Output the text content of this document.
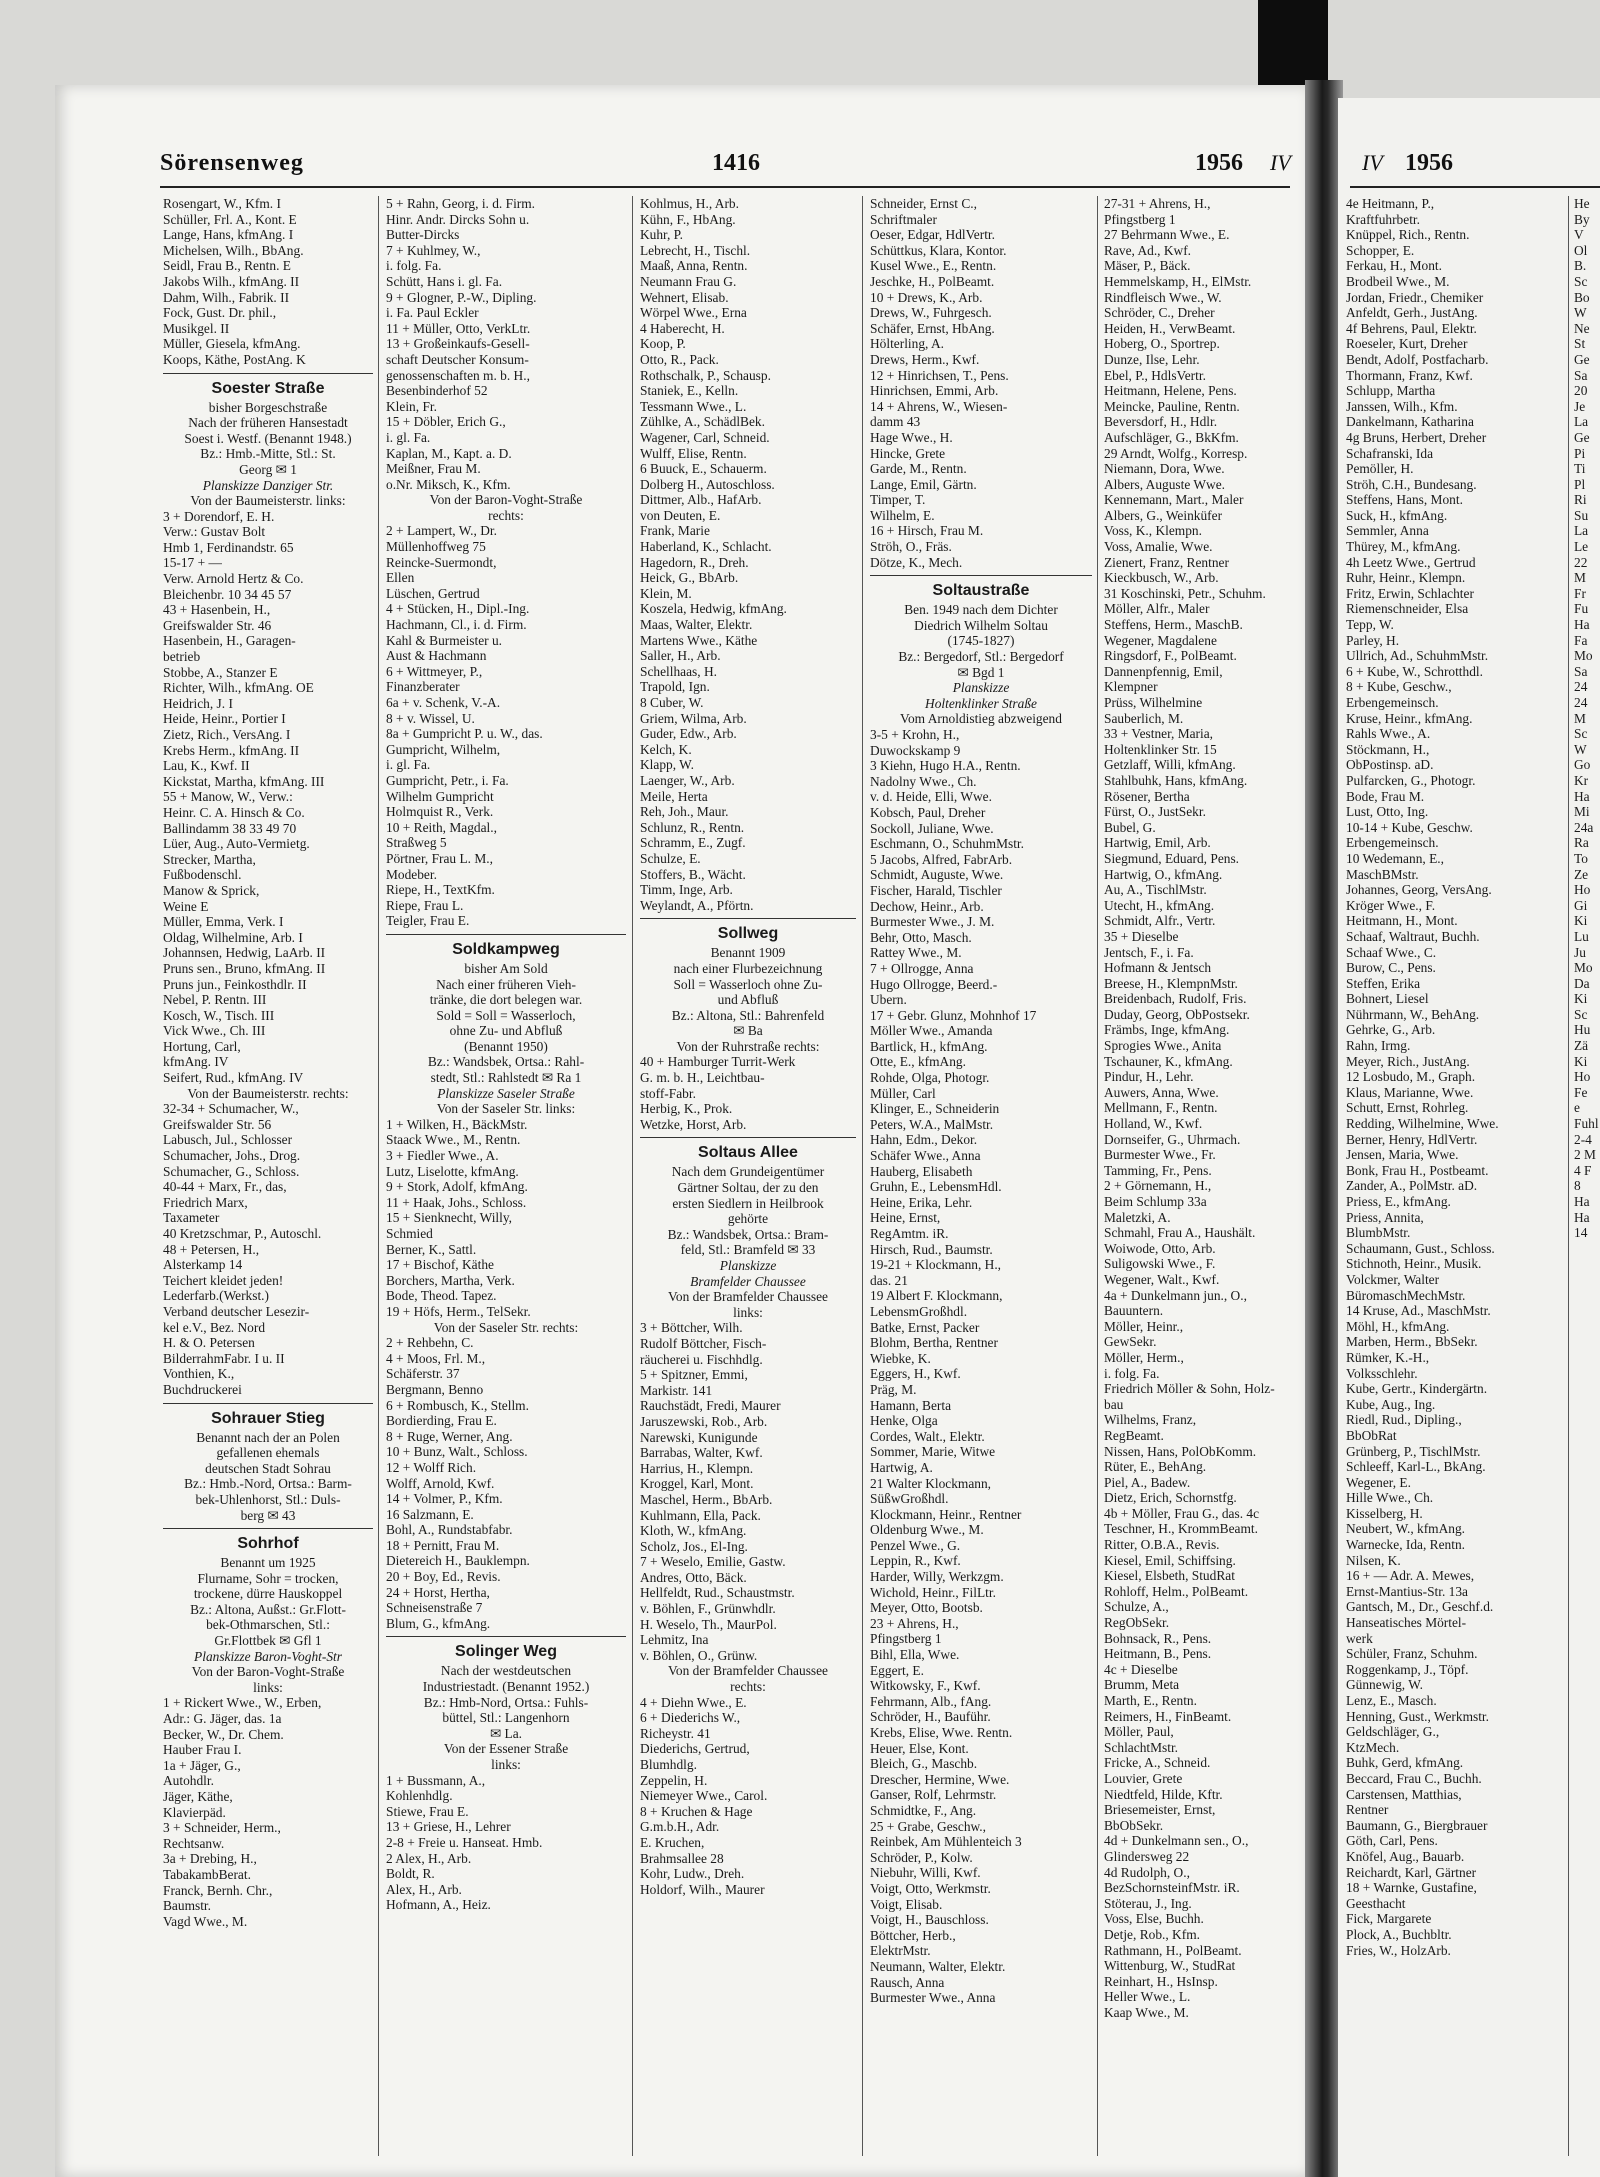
Sörensenweg	1416	1956 IV	IV 1956
Rosengart, W., Kfm. I
Schüller, Frl. A., Kont. E
Lange, Hans, kfmAng. I
Michelsen, Wilh., BbAng.
Seidl, Frau B., Rentn. E
Jakobs Wilh., kfmAng. II
Dahm, Wilh., Fabrik. II
Fock, Gust. Dr. phil.,
Musikgel. II
Müller, Giesela, kfmAng.
Koops, Käthe, PostAng. K
Soester Straße
bisher Borgeschstraße
Nach der früheren Hansestadt
Soest i. Westf. (Benannt 1948.)
Bz.: Hmb.-Mitte, Stl.: St.
Georg ✉ 1
Planskizze Danziger Str.
Von der Baumeisterstr. links:
3 + Dorendorf, E. H.
Verw.: Gustav Bolt
Hmb 1, Ferdinandstr. 65
15-17 + —
Verw. Arnold Hertz & Co.
Bleichenbr. 10 34 45 57
43 + Hasenbein, H.,
Greifswalder Str. 46
Hasenbein, H., Garagen-
betrieb
Stobbe, A., Stanzer E
Richter, Wilh., kfmAng. OE
Heidrich, J. I
Heide, Heinr., Portier I
Zietz, Rich., VersAng. I
Krebs Herm., kfmAng. II
Lau, K., Kwf. II
Kickstat, Martha, kfmAng. III
55 + Manow, W., Verw.:
Heinr. C. A. Hinsch & Co.
Ballindamm 38 33 49 70
Lüer, Aug., Auto-Vermietg.
Strecker, Martha,
Fußbodenschl.
Manow & Sprick,
Weine E
Müller, Emma, Verk. I
Oldag, Wilhelmine, Arb. I
Johannsen, Hedwig, LaArb. II
Pruns sen., Bruno, kfmAng. II
Pruns jun., Feinkosthdlr. II
Nebel, P. Rentn. III
Kosch, W., Tisch. III
Vick Wwe., Ch. III
Hortung, Carl,
kfmAng. IV
Seifert, Rud., kfmAng. IV
Von der Baumeisterstr. rechts:
32-34 + Schumacher, W.,
Greifswalder Str. 56
Labusch, Jul., Schlosser
Schumacher, Johs., Drog.
Schumacher, G., Schloss.
40-44 + Marx, Fr., das,
Friedrich Marx,
Taxameter
40 Kretzschmar, P., Autoschl.
48 + Petersen, H.,
Alsterkamp 14
Teichert kleidet jeden!
Lederfarb.(Werkst.)
Verband deutscher Lesezir-
kel e.V., Bez. Nord
H. & O. Petersen
BilderrahmFabr. I u. II
Vonthien, K.,
Buchdruckerei
Sohrauer Stieg
Benannt nach der an Polen
gefallenen ehemals
deutschen Stadt Sohrau
Bz.: Hmb.-Nord, Ortsa.: Barm-
bek-Uhlenhorst, Stl.: Duls-
berg ✉ 43
Sohrhof
Benannt um 1925
Flurname, Sohr = trocken,
trockene, dürre Hauskoppel
Bz.: Altona, Außst.: Gr.Flott-
bek-Othmarschen, Stl.:
Gr.Flottbek ✉ Gfl 1
Planskizze Baron-Voght-Str
Von der Baron-Voght-Straße
links:
1 + Rickert Wwe., W., Erben,
Adr.: G. Jäger, das. 1a
Becker, W., Dr. Chem.
Hauber Frau I.
1a + Jäger, G.,
Autohdlr.
Jäger, Käthe,
Klavierpäd.
3 + Schneider, Herm.,
Rechtsanw.
3a + Drebing, H.,
TabakambBerat.
Franck, Bernh. Chr.,
Baumstr.
Vagd Wwe., M.
5 + Rahn, Georg, i. d. Firm.
Hinr. Andr. Dircks Sohn u.
Butter-Dircks
7 + Kuhlmey, W.,
i. folg. Fa.
Schütt, Hans i. gl. Fa.
9 + Glogner, P.-W., Dipling.
i. Fa. Paul Eckler
11 + Müller, Otto, VerkLtr.
13 + Großeinkaufs-Gesell-
schaft Deutscher Konsum-
genossenschaften m. b. H.,
Besenbinderhof 52
Klein, Fr.
15 + Döbler, Erich G.,
i. gl. Fa.
Kaplan, M., Kapt. a. D.
Meißner, Frau M.
o.Nr. Miksch, K., Kfm.
Von der Baron-Voght-Straße
rechts:
2 + Lampert, W., Dr.
Müllenhoffweg 75
Reincke-Suermondt,
Ellen
Lüschen, Gertrud
4 + Stücken, H., Dipl.-Ing.
Hachmann, Cl., i. d. Firm.
Kahl & Burmeister u.
Aust & Hachmann
6 + Wittmeyer, P.,
Finanzberater
6a + v. Schenk, V.-A.
8 + v. Wissel, U.
8a + Gumpricht P. u. W., das.
Gumpricht, Wilhelm,
i. gl. Fa.
Gumpricht, Petr., i. Fa.
Wilhelm Gumpricht
Holmquist R., Verk.
10 + Reith, Magdal.,
Straßweg 5
Pörtner, Frau L. M.,
Modeber.
Riepe, H., TextKfm.
Riepe, Frau L.
Teigler, Frau E.
Soldkampweg
bisher Am Sold
Nach einer früheren Vieh-
tränke, die dort belegen war.
Sold = Soll = Wasserloch,
ohne Zu- und Abfluß
(Benannt 1950)
Bz.: Wandsbek, Ortsa.: Rahl-
stedt, Stl.: Rahlstedt ✉ Ra 1
Planskizze Saseler Straße
Von der Saseler Str. links:
1 + Wilken, H., BäckMstr.
Staack Wwe., M., Rentn.
3 + Fiedler Wwe., A.
Lutz, Liselotte, kfmAng.
9 + Stork, Adolf, kfmAng.
11 + Haak, Johs., Schloss.
15 + Sienknecht, Willy,
Schmied
Berner, K., Sattl.
17 + Bischof, Käthe
Borchers, Martha, Verk.
Bode, Theod. Tapez.
19 + Höfs, Herm., TelSekr.
Von der Saseler Str. rechts:
2 + Rehbehn, C.
4 + Moos, Frl. M.,
Schäferstr. 37
Bergmann, Benno
6 + Rombusch, K., Stellm.
Bordierding, Frau E.
8 + Ruge, Werner, Ang.
10 + Bunz, Walt., Schloss.
12 + Wolff Rich.
Wolff, Arnold, Kwf.
14 + Volmer, P., Kfm.
16 Salzmann, E.
Bohl, A., Rundstabfabr.
18 + Pernitt, Frau M.
Dietereich H., Bauklempn.
20 + Boy, Ed., Revis.
24 + Horst, Hertha,
Schneisenstraße 7
Blum, G., kfmAng.
Solinger Weg
Nach der westdeutschen
Industriestadt. (Benannt 1952.)
Bz.: Hmb-Nord, Ortsa.: Fuhls-
büttel, Stl.: Langenhorn
✉ La.
Von der Essener Straße
links:
1 + Bussmann, A.,
Kohlenhdlg.
Stiewe, Frau E.
13 + Griese, H., Lehrer
2-8 + Freie u. Hanseat. Hmb.
2 Alex, H., Arb.
Boldt, R.
Alex, H., Arb.
Hofmann, A., Heiz.
Kohlmus, H., Arb.
Kühn, F., HbAng.
Kuhr, P.
Lebrecht, H., Tischl.
Maaß, Anna, Rentn.
Neumann Frau G.
Wehnert, Elisab.
Wörpel Wwe., Erna
4 Haberecht, H.
Koop, P.
Otto, R., Pack.
Rothschalk, P., Schausp.
Staniek, E., Kelln.
Tessmann Wwe., L.
Zühlke, A., SchädlBek.
Wagener, Carl, Schneid.
Wulff, Elise, Rentn.
6 Buuck, E., Schauerm.
Dolberg H., Autoschloss.
Dittmer, Alb., HafArb.
von Deuten, E.
Frank, Marie
Haberland, K., Schlacht.
Hagedorn, R., Dreh.
Heick, G., BbArb.
Klein, M.
Koszela, Hedwig, kfmAng.
Maas, Walter, Elektr.
Martens Wwe., Käthe
Saller, H., Arb.
Schellhaas, H.
Trapold, Ign.
8 Cuber, W.
Griem, Wilma, Arb.
Guder, Edw., Arb.
Kelch, K.
Klapp, W.
Laenger, W., Arb.
Meile, Herta
Reh, Joh., Maur.
Schlunz, R., Rentn.
Schramm, E., Zugf.
Schulze, E.
Stoffers, B., Wächt.
Timm, Inge, Arb.
Weylandt, A., Pförtn.
Sollweg
Benannt 1909
nach einer Flurbezeichnung
Soll = Wasserloch ohne Zu-
und Abfluß
Bz.: Altona, Stl.: Bahrenfeld
✉ Ba
Von der Ruhrstraße rechts:
40 + Hamburger Turrit-Werk
G. m. b. H., Leichtbau-
stoff-Fabr.
Herbig, K., Prok.
Wetzke, Horst, Arb.
Soltaus Allee
Nach dem Grundeigentümer
Gärtner Soltau, der zu den
ersten Siedlern in Heilbrook
gehörte
Bz.: Wandsbek, Ortsa.: Bram-
feld, Stl.: Bramfeld ✉ 33
Planskizze
Bramfelder Chaussee
Von der Bramfelder Chaussee
links:
3 + Böttcher, Wilh.
Rudolf Böttcher, Fisch-
räucherei u. Fischhdlg.
5 + Spitzner, Emmi,
Markistr. 141
Rauchstädt, Fredi, Maurer
Jaruszewski, Rob., Arb.
Narewski, Kunigunde
Barrabas, Walter, Kwf.
Harrius, H., Klempn.
Kroggel, Karl, Mont.
Maschel, Herm., BbArb.
Kuhlmann, Ella, Pack.
Kloth, W., kfmAng.
Scholz, Jos., El-Ing.
7 + Weselo, Emilie, Gastw.
Andres, Otto, Bäck.
Hellfeldt, Rud., Schaustmstr.
v. Böhlen, F., Grünwhdlr.
H. Weselo, Th., MaurPol.
Lehmitz, Ina
v. Böhlen, O., Grünw.
Von der Bramfelder Chaussee
rechts:
4 + Diehn Wwe., E.
6 + Diederichs W.,
Richeystr. 41
Diederichs, Gertrud,
Blumhdlg.
Zeppelin, H.
Niemeyer Wwe., Carol.
8 + Kruchen & Hage
G.m.b.H., Adr.
E. Kruchen,
Brahmsallee 28
Kohr, Ludw., Dreh.
Holdorf, Wilh., Maurer
Schneider, Ernst C.,
Schriftmaler
Oeser, Edgar, HdlVertr.
Schüttkus, Klara, Kontor.
Kusel Wwe., E., Rentn.
Jeschke, H., PolBeamt.
10 + Drews, K., Arb.
Drews, W., Fuhrgesch.
Schäfer, Ernst, HbAng.
Hölterling, A.
Drews, Herm., Kwf.
12 + Hinrichsen, T., Pens.
Hinrichsen, Emmi, Arb.
14 + Ahrens, W., Wiesen-
damm 43
Hage Wwe., H.
Hincke, Grete
Garde, M., Rentn.
Lange, Emil, Gärtn.
Timper, T.
Wilhelm, E.
16 + Hirsch, Frau M.
Ströh, O., Fräs.
Dötze, K., Mech.
Soltaustraße
Ben. 1949 nach dem Dichter
Diedrich Wilhelm Soltau
(1745-1827)
Bz.: Bergedorf, Stl.: Bergedorf
✉ Bgd 1
Planskizze
Holtenklinker Straße
Vom Arnoldistieg abzweigend
3-5 + Krohn, H.,
Duwockskamp 9
3 Kiehn, Hugo H.A., Rentn.
Nadolny Wwe., Ch.
v. d. Heide, Elli, Wwe.
Kobsch, Paul, Dreher
Sockoll, Juliane, Wwe.
Eschmann, O., SchuhmMstr.
5 Jacobs, Alfred, FabrArb.
Schmidt, Auguste, Wwe.
Fischer, Harald, Tischler
Dechow, Heinr., Arb.
Burmester Wwe., J. M.
Behr, Otto, Masch.
Rattey Wwe., M.
7 + Ollrogge, Anna
Hugo Ollrogge, Beerd.-
Ubern.
17 + Gebr. Glunz, Mohnhof 17
Möller Wwe., Amanda
Bartlick, H., kfmAng.
Otte, E., kfmAng.
Rohde, Olga, Photogr.
Müller, Carl
Klinger, E., Schneiderin
Peters, W.A., MalMstr.
Hahn, Edm., Dekor.
Schäfer Wwe., Anna
Hauberg, Elisabeth
Gruhn, E., LebensmHdl.
Heine, Erika, Lehr.
Heine, Ernst,
RegAmtm. iR.
Hirsch, Rud., Baumstr.
19-21 + Klockmann, H.,
das. 21
19 Albert F. Klockmann,
LebensmGroßhdl.
Batke, Ernst, Packer
Blohm, Bertha, Rentner
Wiebke, K.
Eggers, H., Kwf.
Präg, M.
Hamann, Berta
Henke, Olga
Cordes, Walt., Elektr.
Sommer, Marie, Witwe
Hartwig, A.
21 Walter Klockmann,
SüßwGroßhdl.
Klockmann, Heinr., Rentner
Oldenburg Wwe., M.
Penzel Wwe., G.
Leppin, R., Kwf.
Harder, Willy, Werkzgm.
Wichold, Heinr., FilLtr.
Meyer, Otto, Bootsb.
23 + Ahrens, H.,
Pfingstberg 1
Bihl, Ella, Wwe.
Eggert, E.
Witkowsky, F., Kwf.
Fehrmann, Alb., fAng.
Schröder, H., Bauführ.
Krebs, Elise, Wwe. Rentn.
Heuer, Else, Kont.
Bleich, G., Maschb.
Drescher, Hermine, Wwe.
Ganser, Rolf, Lehrmstr.
Schmidtke, F., Ang.
25 + Grabe, Geschw.,
Reinbek, Am Mühlenteich 3
Schröder, P., Kolw.
Niebuhr, Willi, Kwf.
Voigt, Otto, Werkmstr.
Voigt, Elisab.
Voigt, H., Bauschloss.
Böttcher, Herb.,
ElektrMstr.
Neumann, Walter, Elektr.
Rausch, Anna
Burmester Wwe., Anna
27-31 + Ahrens, H.,
Pfingstberg 1
27 Behrmann Wwe., E.
Rave, Ad., Kwf.
Mäser, P., Bäck.
Hemmelskamp, H., ElMstr.
Rindfleisch Wwe., W.
Schröder, C., Dreher
Heiden, H., VerwBeamt.
Hoberg, O., Sportrep.
Dunze, Ilse, Lehr.
Ebel, P., HdlsVertr.
Heitmann, Helene, Pens.
Meincke, Pauline, Rentn.
Beversdorf, H., Hdlr.
Aufschläger, G., BkKfm.
29 Arndt, Wolfg., Korresp.
Niemann, Dora, Wwe.
Albers, Auguste Wwe.
Kennemann, Mart., Maler
Albers, G., Weinküfer
Voss, K., Klempn.
Voss, Amalie, Wwe.
Zienert, Franz, Rentner
Kieckbusch, W., Arb.
31 Koschinski, Petr., Schuhm.
Möller, Alfr., Maler
Steffens, Herm., MaschB.
Wegener, Magdalene
Ringsdorf, F., PolBeamt.
Dannenpfennig, Emil,
Klempner
Prüss, Wilhelmine
Sauberlich, M.
33 + Vestner, Maria,
Holtenklinker Str. 15
Getzlaff, Willi, kfmAng.
Stahlbuhk, Hans, kfmAng.
Rösener, Bertha
Fürst, O., JustSekr.
Bubel, G.
Hartwig, Emil, Arb.
Siegmund, Eduard, Pens.
Hartwig, O., kfmAng.
Au, A., TischlMstr.
Utecht, H., kfmAng.
Schmidt, Alfr., Vertr.
35 + Dieselbe
Jentsch, F., i. Fa.
Hofmann & Jentsch
Breese, H., KlempnMstr.
Breidenbach, Rudolf, Fris.
Duday, Georg, ObPostsekr.
Främbs, Inge, kfmAng.
Sprogies Wwe., Anita
Tschauner, K., kfmAng.
Pindur, H., Lehr.
Auwers, Anna, Wwe.
Mellmann, F., Rentn.
Holland, W., Kwf.
Dornseifer, G., Uhrmach.
Burmester Wwe., Fr.
Tamming, Fr., Pens.
2 + Görnemann, H.,
Beim Schlump 33a
Maletzki, A.
Schmahl, Frau A., Haushält.
Woiwode, Otto, Arb.
Suligowski Wwe., F.
Wegener, Walt., Kwf.
4a + Dunkelmann jun., O.,
Bauuntern.
Möller, Heinr.,
GewSekr.
Möller, Herm.,
i. folg. Fa.
Friedrich Möller & Sohn, Holz-
bau
Wilhelms, Franz,
RegBeamt.
Nissen, Hans, PolObKomm.
Rüter, E., BehAng.
Piel, A., Badew.
Dietz, Erich, Schornstfg.
4b + Möller, Frau G., das. 4c
Teschner, H., KrommBeamt.
Ritter, O.B.A., Revis.
Kiesel, Emil, Schiffsing.
Kiesel, Elsbeth, StudRat
Rohloff, Helm., PolBeamt.
Schulze, A.,
RegObSekr.
Bohnsack, R., Pens.
Heitmann, B., Pens.
4c + Dieselbe
Brumm, Meta
Marth, E., Rentn.
Reimers, H., FinBeamt.
Möller, Paul,
SchlachtMstr.
Fricke, A., Schneid.
Louvier, Grete
Niedtfeld, Hilde, Kftr.
Briesemeister, Ernst,
BbObSekr.
4d + Dunkelmann sen., O.,
Glindersweg 22
4d Rudolph, O.,
BezSchornsteinfMstr. iR.
Stöterau, J., Ing.
Voss, Else, Buchh.
Detje, Rob., Kfm.
Rathmann, H., PolBeamt.
Wittenburg, W., StudRat
Reinhart, H., HsInsp.
Heller Wwe., L.
Kaap Wwe., M.
4e Heitmann, P.,
Kraftfuhrbetr.
Knüppel, Rich., Rentn.
Schopper, E.
Ferkau, H., Mont.
Brodbeil Wwe., M.
Jordan, Friedr., Chemiker
Anfeldt, Gerh., JustAng.
4f Behrens, Paul, Elektr.
Roeseler, Kurt, Dreher
Bendt, Adolf, Postfacharb.
Thormann, Franz, Kwf.
Schlupp, Martha
Janssen, Wilh., Kfm.
Dankelmann, Katharina
4g Bruns, Herbert, Dreher
Schafranski, Ida
Pemöller, H.
Ströh, C.H., Bundesang.
Steffens, Hans, Mont.
Suck, H., kfmAng.
Semmler, Anna
Thürey, M., kfmAng.
4h Leetz Wwe., Gertrud
Ruhr, Heinr., Klempn.
Fritz, Erwin, Schlachter
Riemenschneider, Elsa
Tepp, W.
Parley, H.
Ullrich, Ad., SchuhmMstr.
6 + Kube, W., Schrotthdl.
8 + Kube, Geschw.,
Erbengemeinsch.
Kruse, Heinr., kfmAng.
Rahls Wwe., A.
Stöckmann, H.,
ObPostinsp. aD.
Pulfarcken, G., Photogr.
Bode, Frau M.
Lust, Otto, Ing.
10-14 + Kube, Geschw.
Erbengemeinsch.
10 Wedemann, E.,
MaschBMstr.
Johannes, Georg, VersAng.
Kröger Wwe., F.
Heitmann, H., Mont.
Schaaf, Waltraut, Buchh.
Schaaf Wwe., C.
Burow, C., Pens.
Steffen, Erika
Bohnert, Liesel
Nührmann, W., BehAng.
Gehrke, G., Arb.
Rahn, Irmg.
Meyer, Rich., JustAng.
12 Losbudo, M., Graph.
Klaus, Marianne, Wwe.
Schutt, Ernst, Rohrleg.
Redding, Wilhelmine, Wwe.
Berner, Henry, HdlVertr.
Jensen, Maria, Wwe.
Bonk, Frau H., Postbeamt.
Zander, A., PolMstr. aD.
Priess, E., kfmAng.
Priess, Annita,
BlumbMstr.
Schaumann, Gust., Schloss.
Stichnoth, Heinr., Musik.
Volckmer, Walter
BüromaschMechMstr.
14 Kruse, Ad., MaschMstr.
Möhl, H., kfmAng.
Marben, Herm., BbSekr.
Rümker, K.-H.,
Volksschlehr.
Kube, Gertr., Kindergärtn.
Kube, Aug., Ing.
Riedl, Rud., Dipling.,
BbObRat
Grünberg, P., TischlMstr.
Schleeff, Karl-L., BkAng.
Wegener, E.
Hille Wwe., Ch.
Kisselberg, H.
Neubert, W., kfmAng.
Warnecke, Ida, Rentn.
Nilsen, K.
16 + — Adr. A. Mewes,
Ernst-Mantius-Str. 13a
Gantsch, M., Dr., Geschf.d.
Hanseatisches Mörtel-
werk
Schüler, Franz, Schuhm.
Roggenkamp, J., Töpf.
Günnewig, W.
Lenz, E., Masch.
Henning, Gust., Werkmstr.
Geldschläger, G.,
KtzMech.
Buhk, Gerd, kfmAng.
Beccard, Frau C., Buchh.
Carstensen, Matthias,
Rentner
Baumann, G., Biergbrauer
Göth, Carl, Pens.
Knöfel, Aug., Bauarb.
Reichardt, Karl, Gärtner
18 + Warnke, Gustafine,
Geesthacht
Fick, Margarete
Plock, A., Buchbltr.
Fries, W., HolzArb.
He
By
V
Ol
B.
Sc
Bo
W
Ne
St
Ge
Sa
20
Je
La
Ge
Pi
Ti
Pl
Ri
Su
La
Le
22
M
Fr
Fu
Ha
Fa
Mo
Sa
24
24
M
Sc
W
Go
Kr
Ha
Mi
24a
Ra
To
Ze
Ho
Gi
Ki
Lu
Ju
Mo
Da
Ki
Sc
Hu
Zä
Ki
Ho
Fe
e
Fuhl
2-4
2 M
4 F
8
Ha
Ha
14
